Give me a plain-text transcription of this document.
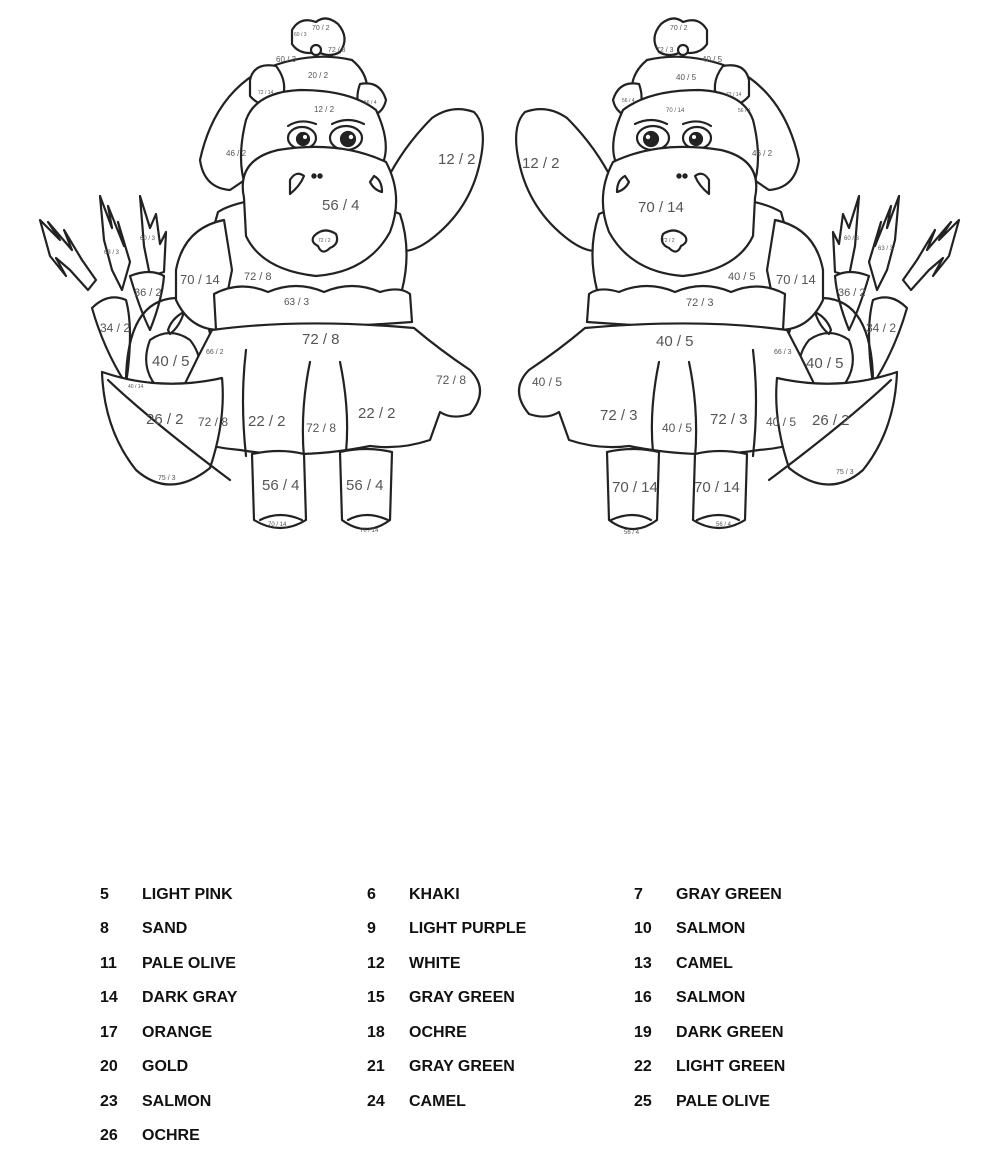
12 / 2
12 / 2
56 / 4
70 / 14 72 / 8
63 / 3
72 / 8
36 / 2
34 / 2
40 / 5
66 / 2
72 / 8
26 / 2 72 / 8 22 / 2 72 / 8
22 / 2
75 / 3	56 / 4	56 / 4
70 / 14
70 / 14
20 / 2
60 / 3
46 / 2
70 / 2
60 / 3
72 / 8
72 / 14
56 / 4
72 / 2
63 / 3
60 / 3
40 / 14
70 / 2
72 / 3
40 / 5
40 / 5
70 / 14
56 / 4
72 / 14
56 / 4
46 / 2
12 / 2
70 / 14
72 / 2	60 / 3
63 / 3
40 / 5 70 / 14
36 / 2
72 / 3
34 / 2
40 / 5
66 / 3
40 / 5
40 / 5
72 / 3
40 / 5 72 / 3 40 / 5 26 / 2
75 / 3
70 / 14 70 / 14
56 / 4
56 / 4
5	LIGHT PINK	6	KHAKI	7	GRAY GREEN
8	SAND	9	LIGHT PURPLE	10	SALMON
11	PALE OLIVE	12	WHITE	13	CAMEL
14	DARK GRAY	15	GRAY GREEN	16	SALMON
17	ORANGE	18	OCHRE	19	DARK GREEN
20	GOLD	21	GRAY GREEN	22	LIGHT GREEN
23	SALMON	24	CAMEL	25	PALE OLIVE
26	OCHRE
